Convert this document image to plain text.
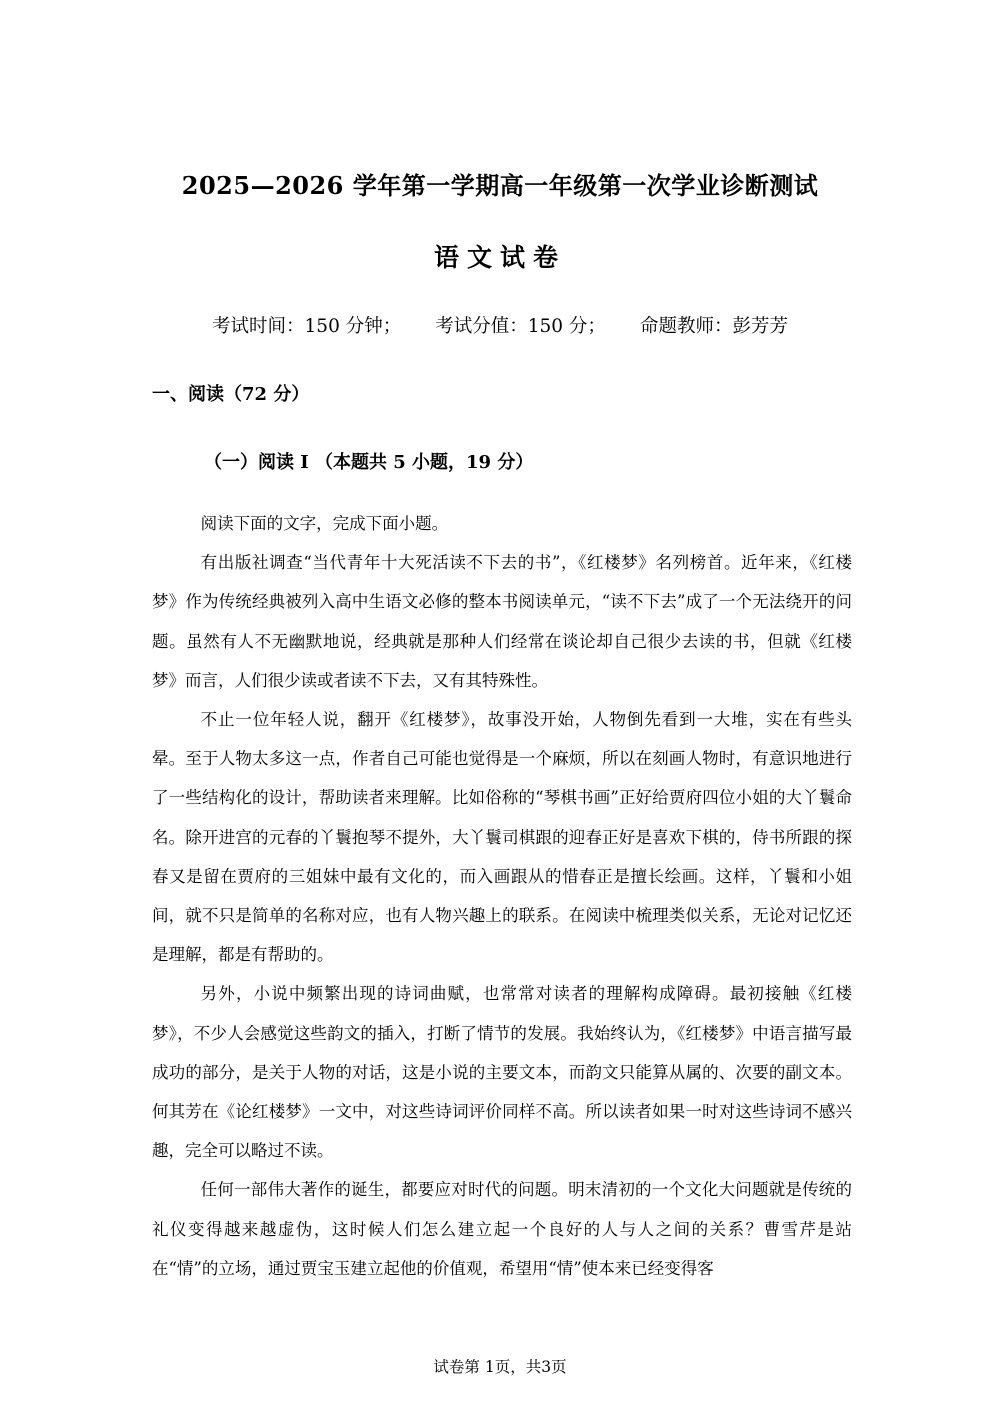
2025—2026 学年第一学期高一年级第一次学业诊断测试
语文试卷
考试时间：150 分钟； 考试分值：150 分； 命题教师：彭芳芳
一、阅读（72 分）
（一）阅读 I （本题共 5 小题，19 分）

阅读下面的文字，完成下面小题。

有出版社调查“当代青年十大死活读不下去的书”，《红楼梦》名列榜首。近年来，《红楼梦》作为传统经典被列入高中生语文必修的整本书阅读单元，“读不下去”成了一个无法绕开的问题。虽然有人不无幽默地说，经典就是那种人们经常在谈论却自己很少去读的书，但就《红楼梦》而言，人们很少读或者读不下去，又有其特殊性。

不止一位年轻人说，翻开《红楼梦》，故事没开始，人物倒先看到一大堆，实在有些头晕。至于人物太多这一点，作者自己可能也觉得是一个麻烦，所以在刻画人物时，有意识地进行了一些结构化的设计，帮助读者来理解。比如俗称的“琴棋书画”正好给贾府四位小姐的大丫鬟命名。除开进宫的元春的丫鬟抱琴不提外，大丫鬟司棋跟的迎春正好是喜欢下棋的，侍书所跟的探春又是留在贾府的三姐妹中最有文化的，而入画跟从的惜春正是擅长绘画。这样，丫鬟和小姐间，就不只是简单的名称对应，也有人物兴趣上的联系。在阅读中梳理类似关系，无论对记忆还是理解，都是有帮助的。

另外，小说中频繁出现的诗词曲赋，也常常对读者的理解构成障碍。最初接触《红楼梦》，不少人会感觉这些韵文的插入，打断了情节的发展。我始终认为，《红楼梦》中语言描写最成功的部分，是关于人物的对话，这是小说的主要文本，而韵文只能算从属的、次要的副文本。何其芳在《论红楼梦》一文中，对这些诗词评价同样不高。所以读者如果一时对这些诗词不感兴趣，完全可以略过不读。

任何一部伟大著作的诞生，都要应对时代的问题。明末清初的一个文化大问题就是传统的礼仪变得越来越虚伪，这时候人们怎么建立起一个良好的人与人之间的关系？曹雪芹是站在“情”的立场，通过贾宝玉建立起他的价值观，希望用“情”使本来已经变得客

试卷第 1页，共3页
